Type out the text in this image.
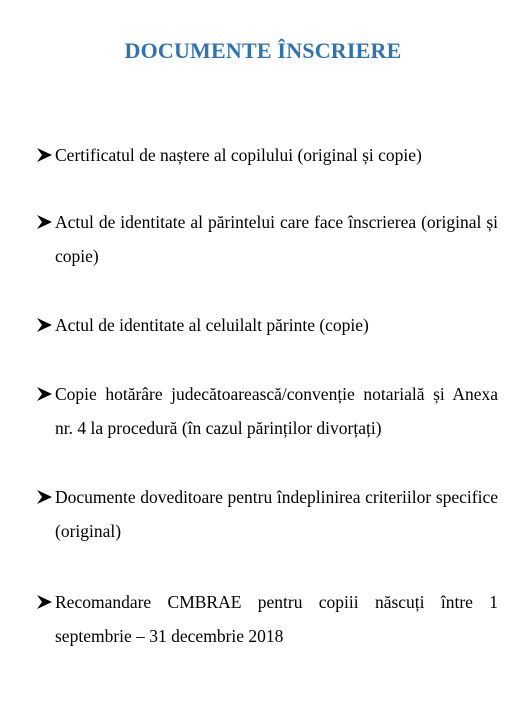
DOCUMENTE ÎNSCRIERE
Certificatul de naștere al copilului (original și copie)
Actul de identitate al părintelui care face înscrierea (original și copie)
Actul de identitate al celuilalt părinte (copie)
Copie hotărâre judecătoarească/convenție notarială și Anexa nr. 4 la procedură (în cazul părinților divorțați)
Documente doveditoare pentru îndeplinirea criteriilor specifice (original)
Recomandare CMBRAE pentru copiii născuți între 1 septembrie – 31 decembrie 2018
